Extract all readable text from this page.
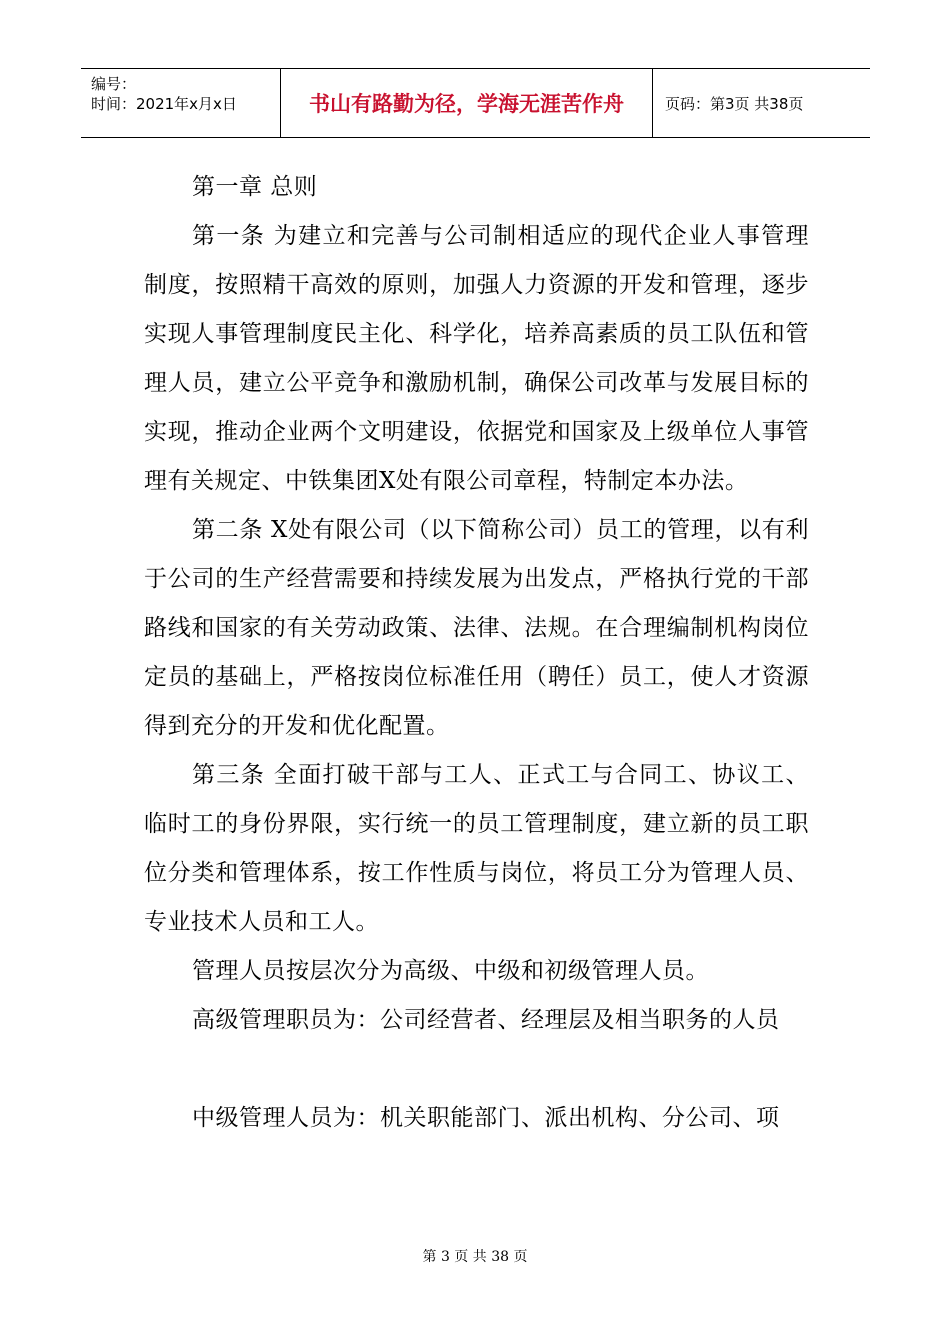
编号：
时间：2021年x月x日	书山有路勤为径，学海无涯苦作舟	页码：第3页 共38页

第一章 总则

第一条 为建立和完善与公司制相适应的现代企业人事管理制度，按照精干高效的原则，加强人力资源的开发和管理，逐步实现人事管理制度民主化、科学化，培养高素质的员工队伍和管理人员，建立公平竞争和激励机制，确保公司改革与发展目标的实现，推动企业两个文明建设，依据党和国家及上级单位人事管理有关规定、中铁集团X处有限公司章程，特制定本办法。

第二条 X处有限公司（以下简称公司）员工的管理，以有利于公司的生产经营需要和持续发展为出发点，严格执行党的干部路线和国家的有关劳动政策、法律、法规。在合理编制机构岗位定员的基础上，严格按岗位标准任用（聘任）员工，使人才资源得到充分的开发和优化配置。

第三条 全面打破干部与工人、正式工与合同工、协议工、临时工的身份界限，实行统一的员工管理制度，建立新的员工职位分类和管理体系，按工作性质与岗位，将员工分为管理人员、专业技术人员和工人。

管理人员按层次分为高级、中级和初级管理人员。

高级管理职员为：公司经营者、经理层及相当职务的人员

中级管理人员为：机关职能部门、派出机构、分公司、项

第 3 页 共 38 页
